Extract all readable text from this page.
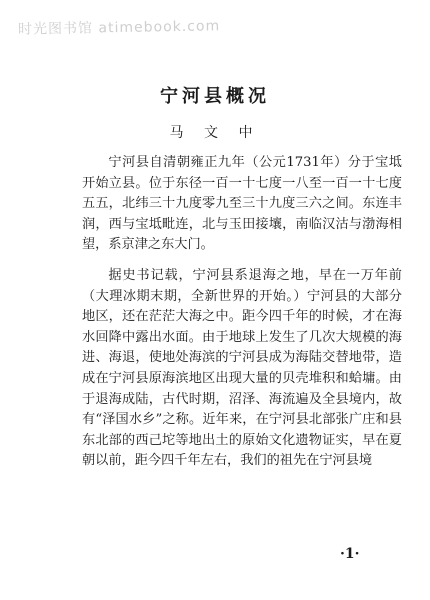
时光图书馆 atimebook.com
宁河县概况
马 文 中

宁河县自清朝雍正九年（公元1731年）分于宝坻开始立县。位于东径一百一十七度一八至一百一十七度五五，北纬三十九度零九至三十九度三六之间。东连丰润，西与宝坻毗连，北与玉田接壤，南临汉沽与渤海相望，系京津之东大门。

据史书记载，宁河县系退海之地，早在一万年前（大理冰期末期，全新世界的开始。）宁河县的大部分地区，还在茫茫大海之中。距今四千年的时候，才在海水回降中露出水面。由于地球上发生了几次大规模的海进、海退，使地处海滨的宁河县成为海陆交替地带，造成在宁河县原海滨地区出现大量的贝壳堆积和蛤墉。由于退海成陆，古代时期，沼泽、海流遍及全县境内，故有“泽国水乡”之称。近年来，在宁河县北部张广庄和县东北部的西己坨等地出土的原始文化遗物证实，早在夏朝以前，距今四千年左右，我们的祖先在宁河县境

·1·
